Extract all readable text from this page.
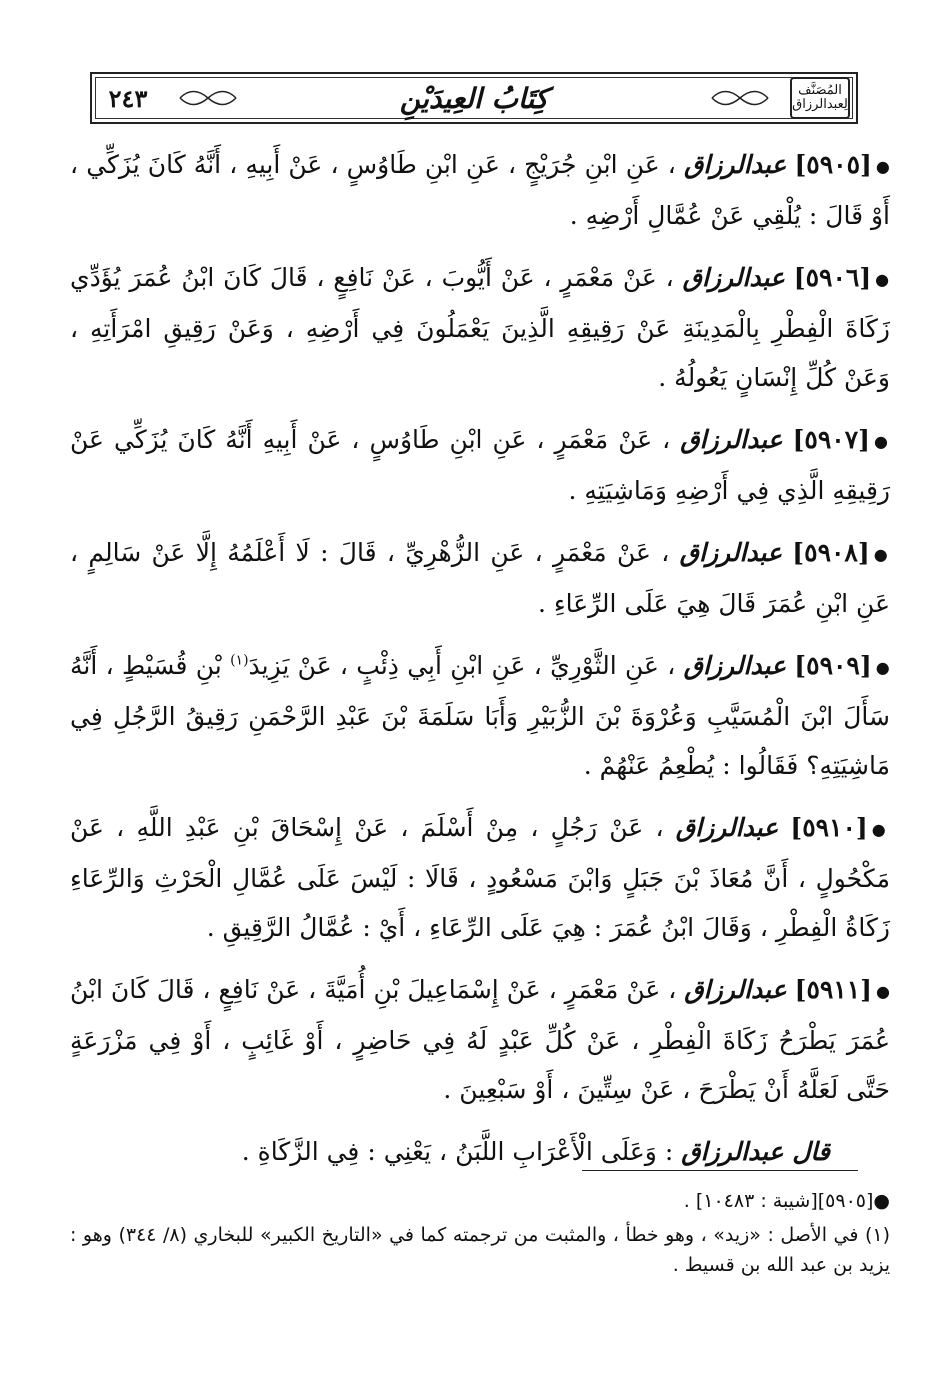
٢٤٣	كِتَابُ العِيدَيْنِ	المُصَنَّف لِعبدالرزاق

●[٥٩٠٥] عبدالرزاق ، عَنِ ابْنِ جُرَيْجٍ ، عَنِ ابْنِ طَاوُسٍ ، عَنْ أَبِيهِ ، أَنَّهُ كَانَ يُزَكِّي ، أَوْ قَالَ : يُلْقِي عَنْ عُمَّالِ أَرْضِهِ .

●[٥٩٠٦] عبدالرزاق ، عَنْ مَعْمَرٍ ، عَنْ أَيُّوبَ ، عَنْ نَافِعٍ ، قَالَ كَانَ ابْنُ عُمَرَ يُؤَدِّي زَكَاةَ الْفِطْرِ بِالْمَدِينَةِ عَنْ رَقِيقِهِ الَّذِينَ يَعْمَلُونَ فِي أَرْضِهِ ، وَعَنْ رَقِيقِ امْرَأَتِهِ ، وَعَنْ كُلِّ إِنْسَانٍ يَعُولُهُ .

●[٥٩٠٧] عبدالرزاق ، عَنْ مَعْمَرٍ ، عَنِ ابْنِ طَاوُسٍ ، عَنْ أَبِيهِ أَنَّهُ كَانَ يُزَكِّي عَنْ رَقِيقِهِ الَّذِي فِي أَرْضِهِ وَمَاشِيَتِهِ .

●[٥٩٠٨] عبدالرزاق ، عَنْ مَعْمَرٍ ، عَنِ الزُّهْرِيِّ ، قَالَ : لَا أَعْلَمُهُ إِلَّا عَنْ سَالِمٍ ، عَنِ ابْنِ عُمَرَ قَالَ هِيَ عَلَى الرِّعَاءِ .

●[٥٩٠٩] عبدالرزاق ، عَنِ الثَّوْرِيِّ ، عَنِ ابْنِ أَبِي ذِئْبٍ ، عَنْ يَزِيدَ$^{(١)}$ بْنِ قُسَيْطٍ ، أَنَّهُ سَأَلَ ابْنَ الْمُسَيَّبِ وَعُرْوَةَ بْنَ الزُّبَيْرِ وَأَبَا سَلَمَةَ بْنَ عَبْدِ الرَّحْمَنِ رَقِيقُ الرَّجُلِ فِي مَاشِيَتِهِ؟ فَقَالُوا : يُطْعِمُ عَنْهُمْ .

●[٥٩١٠] عبدالرزاق ، عَنْ رَجُلٍ ، مِنْ أَسْلَمَ ، عَنْ إِسْحَاقَ بْنِ عَبْدِ اللَّهِ ، عَنْ مَكْحُولٍ ، أَنَّ مُعَاذَ بْنَ جَبَلٍ وَابْنَ مَسْعُودٍ ، قَالَا : لَيْسَ عَلَى عُمَّالِ الْحَرْثِ وَالرِّعَاءِ زَكَاةُ الْفِطْرِ ، وَقَالَ ابْنُ عُمَرَ : هِيَ عَلَى الرِّعَاءِ ، أَيْ : عُمَّالُ الرَّقِيقِ .

●[٥٩١١] عبدالرزاق ، عَنْ مَعْمَرٍ ، عَنْ إِسْمَاعِيلَ بْنِ أُمَيَّةَ ، عَنْ نَافِعٍ ، قَالَ كَانَ ابْنُ عُمَرَ يَطْرَحُ زَكَاةَ الْفِطْرِ ، عَنْ كُلِّ عَبْدٍ لَهُ فِي حَاضِرٍ ، أَوْ غَائِبٍ ، أَوْ فِي مَزْرَعَةٍ حَتَّى لَعَلَّهُ أَنْ يَطْرَحَ ، عَنْ سِتِّينَ ، أَوْ سَبْعِينَ .

قال عبدالرزاق : وَعَلَى الْأَعْرَابِ اللَّبَنُ ، يَعْنِي : فِي الزَّكَاةِ .

●[٥٩٠٥][شيبة : ١٠٤٨٣] .

(١) في الأصل : «زيد» ، وهو خطأ ، والمثبت من ترجمته كما في «التاريخ الكبير» للبخاري (٨/ ٣٤٤) وهو : يزيد بن عبد الله بن قسيط .
